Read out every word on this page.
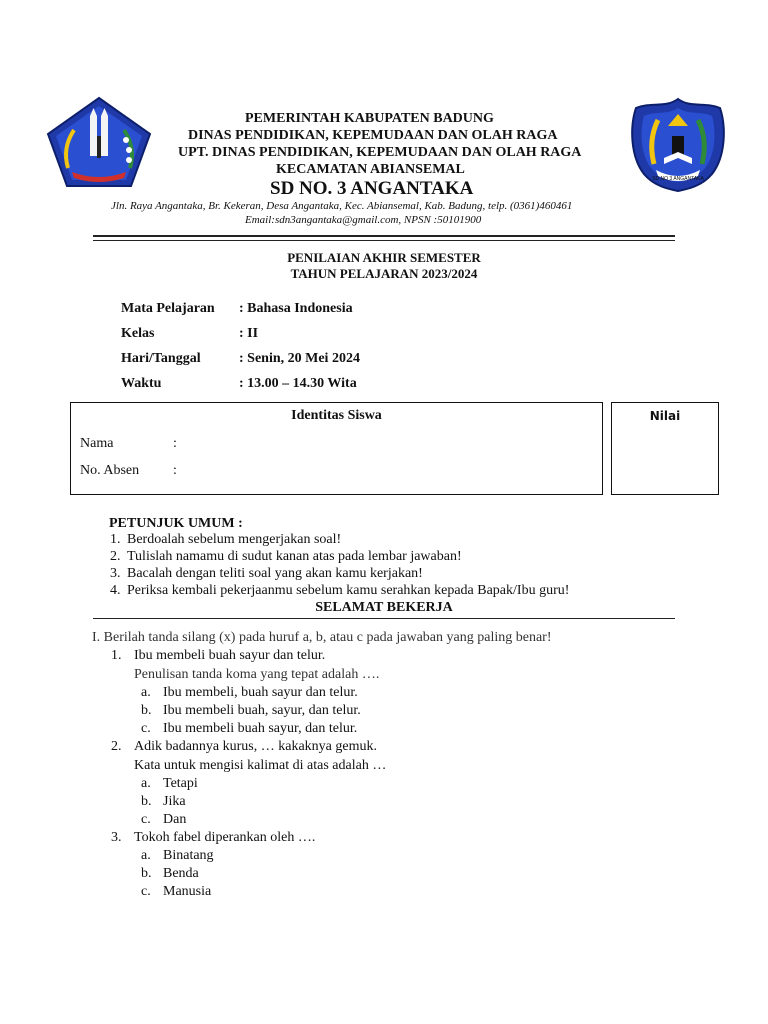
SD NO 3 ANGANTAKA
PEMERINTAH KABUPATEN BADUNG
DINAS PENDIDIKAN, KEPEMUDAAN DAN OLAH RAGA
UPT. DINAS PENDIDIKAN, KEPEMUDAAN DAN OLAH RAGA
KECAMATAN ABIANSEMAL
SD NO. 3 ANGANTAKA
Jln. Raya Angantaka, Br. Kekeran, Desa Angantaka, Kec. Abiansemal, Kab. Badung, telp. (0361)460461
Email:sdn3angantaka@gmail.com, NPSN :50101900
PENILAIAN AKHIR SEMESTER
TAHUN PELAJARAN 2023/2024
Mata Pelajaran : Bahasa Indonesia
Kelas	: II
Hari/Tanggal	: Senin, 20 Mei 2024
Waktu	: 13.00 – 14.30 Wita
Identitas Siswa
Nama	:
No. Absen :
Nilai
PETUNJUK UMUM :
1. Berdoalah sebelum mengerjakan soal!
2. Tulislah namamu di sudut kanan atas pada lembar jawaban!
3. Bacalah dengan teliti soal yang akan kamu kerjakan!
4. Periksa kembali pekerjaanmu sebelum kamu serahkan kepada Bapak/Ibu guru!
SELAMAT BEKERJA
I. Berilah tanda silang (x) pada huruf a, b, atau c pada jawaban yang paling benar!
1. Ibu membeli buah sayur dan telur.
Penulisan tanda koma yang tepat adalah ….
a. Ibu membeli, buah sayur dan telur.
b. Ibu membeli buah, sayur, dan telur.
c. Ibu membeli buah sayur, dan telur.
2. Adik badannya kurus, … kakaknya gemuk.
Kata untuk mengisi kalimat di atas adalah …
a. Tetapi
b. Jika
c. Dan
3. Tokoh fabel diperankan oleh ….
a. Binatang
b. Benda
c. Manusia
